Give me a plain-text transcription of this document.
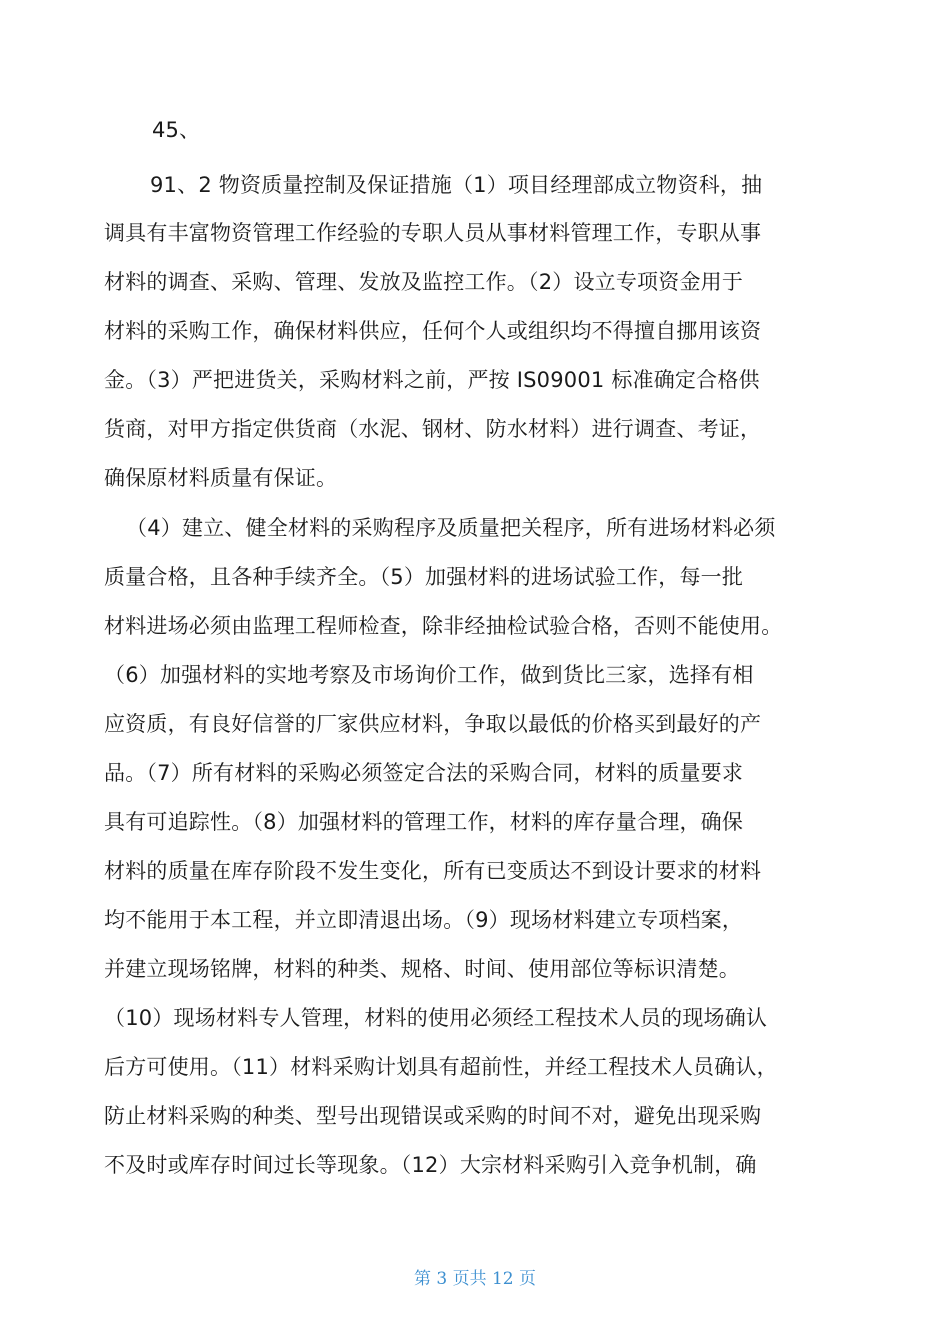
45、
91、2 物资质量控制及保证措施（1）项目经理部成立物资科，抽
调具有丰富物资管理工作经验的专职人员从事材料管理工作，专职从事
材料的调查、采购、管理、发放及监控工作。（2）设立专项资金用于
材料的采购工作，确保材料供应，任何个人或组织均不得擅自挪用该资
金。（3）严把进货关，采购材料之前，严按 IS09001 标准确定合格供
货商，对甲方指定供货商（水泥、钢材、防水材料）进行调查、考证，
确保原材料质量有保证。
（4）建立、健全材料的采购程序及质量把关程序，所有进场材料必须
质量合格，且各种手续齐全。（5）加强材料的进场试验工作，每一批
材料进场必须由监理工程师检查，除非经抽检试验合格，否则不能使用。
（6）加强材料的实地考察及市场询价工作，做到货比三家，选择有相
应资质，有良好信誉的厂家供应材料，争取以最低的价格买到最好的产
品。（7）所有材料的采购必须签定合法的采购合同，材料的质量要求
具有可追踪性。（8）加强材料的管理工作，材料的库存量合理，确保
材料的质量在库存阶段不发生变化，所有已变质达不到设计要求的材料
均不能用于本工程，并立即清退出场。（9）现场材料建立专项档案，
并建立现场铭牌，材料的种类、规格、时间、使用部位等标识清楚。
（10）现场材料专人管理，材料的使用必须经工程技术人员的现场确认
后方可使用。（11）材料采购计划具有超前性，并经工程技术人员确认，
防止材料采购的种类、型号出现错误或采购的时间不对，避免出现采购
不及时或库存时间过长等现象。（12）大宗材料采购引入竞争机制，确
第 3 页共 12 页
